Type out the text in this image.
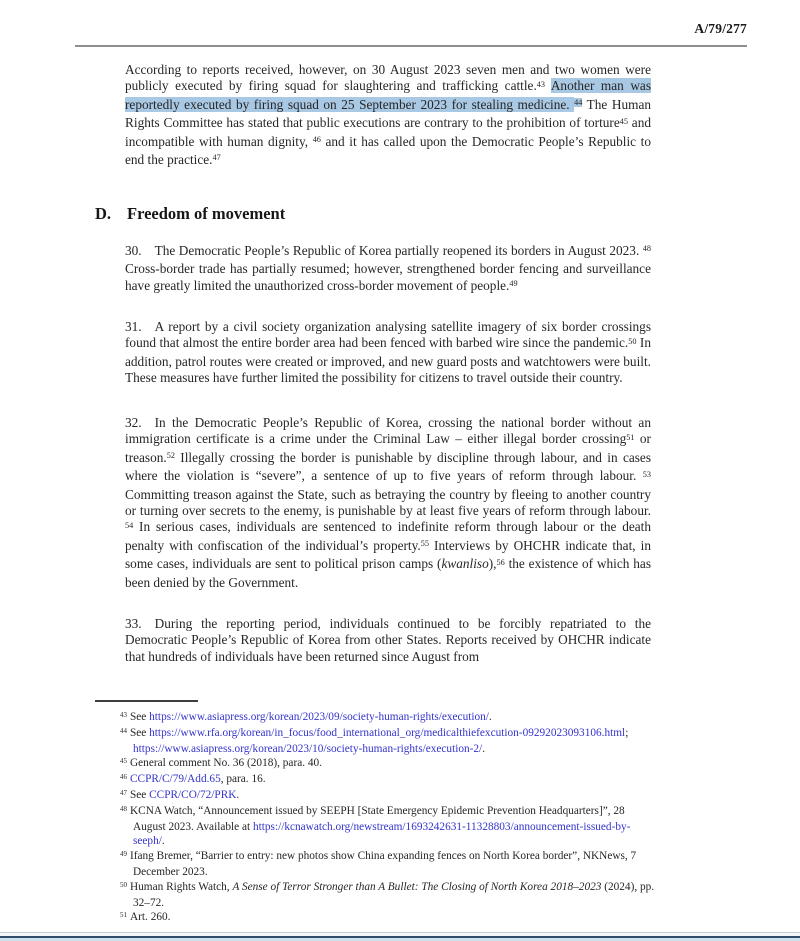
A/79/277

According to reports received, however, on 30 August 2023 seven men and two women were publicly executed by firing squad for slaughtering and trafficking cattle.$^{43}$ Another man was reportedly executed by firing squad on 25 September 2023 for stealing medicine. $^{44}$ The Human Rights Committee has stated that public executions are contrary to the prohibition of torture$^{45}$ and incompatible with human dignity, $^{46}$ and it has called upon the Democratic People’s Republic to end the practice.$^{47}$

D. Freedom of movement

30. The Democratic People’s Republic of Korea partially reopened its borders in August 2023. $^{48}$ Cross-border trade has partially resumed; however, strengthened border fencing and surveillance have greatly limited the unauthorized cross-border movement of people.$^{49}$

31. A report by a civil society organization analysing satellite imagery of six border crossings found that almost the entire border area had been fenced with barbed wire since the pandemic.$^{50}$ In addition, patrol routes were created or improved, and new guard posts and watchtowers were built. These measures have further limited the possibility for citizens to travel outside their country.

32. In the Democratic People’s Republic of Korea, crossing the national border without an immigration certificate is a crime under the Criminal Law – either illegal border crossing$^{51}$ or treason.$^{52}$ Illegally crossing the border is punishable by discipline through labour, and in cases where the violation is “severe”, a sentence of up to five years of reform through labour. $^{53}$ Committing treason against the State, such as betraying the country by fleeing to another country or turning over secrets to the enemy, is punishable by at least five years of reform through labour. $^{54}$ In serious cases, individuals are sentenced to indefinite reform through labour or the death penalty with confiscation of the individual’s property.$^{55}$ Interviews by OHCHR indicate that, in some cases, individuals are sent to political prison camps (kwanliso),$^{56}$ the existence of which has been denied by the Government.

33. During the reporting period, individuals continued to be forcibly repatriated to the Democratic People’s Republic of Korea from other States. Reports received by OHCHR indicate that hundreds of individuals have been returned since August from

$^{43}$ See https://www.asiapress.org/korean/2023/09/society-human-rights/execution/.
$^{44}$ See https://www.rfa.org/korean/in_focus/food_international_org/medicalthiefexcution-09292023093106.html; https://www.asiapress.org/korean/2023/10/society-human-rights/execution-2/.
$^{45}$ General comment No. 36 (2018), para. 40.
$^{46}$ CCPR/C/79/Add.65, para. 16.
$^{47}$ See CCPR/CO/72/PRK.
$^{48}$ KCNA Watch, “Announcement issued by SEEPH [State Emergency Epidemic Prevention Headquarters]”, 28 August 2023. Available at https://kcnawatch.org/newstream/1693242631-11328803/announcement-issued-by-seeph/.
$^{49}$ Ifang Bremer, “Barrier to entry: new photos show China expanding fences on North Korea border”, NKNews, 7 December 2023.
$^{50}$ Human Rights Watch, A Sense of Terror Stronger than A Bullet: The Closing of North Korea 2018–2023 (2024), pp. 32–72.
$^{51}$ Art. 260.
